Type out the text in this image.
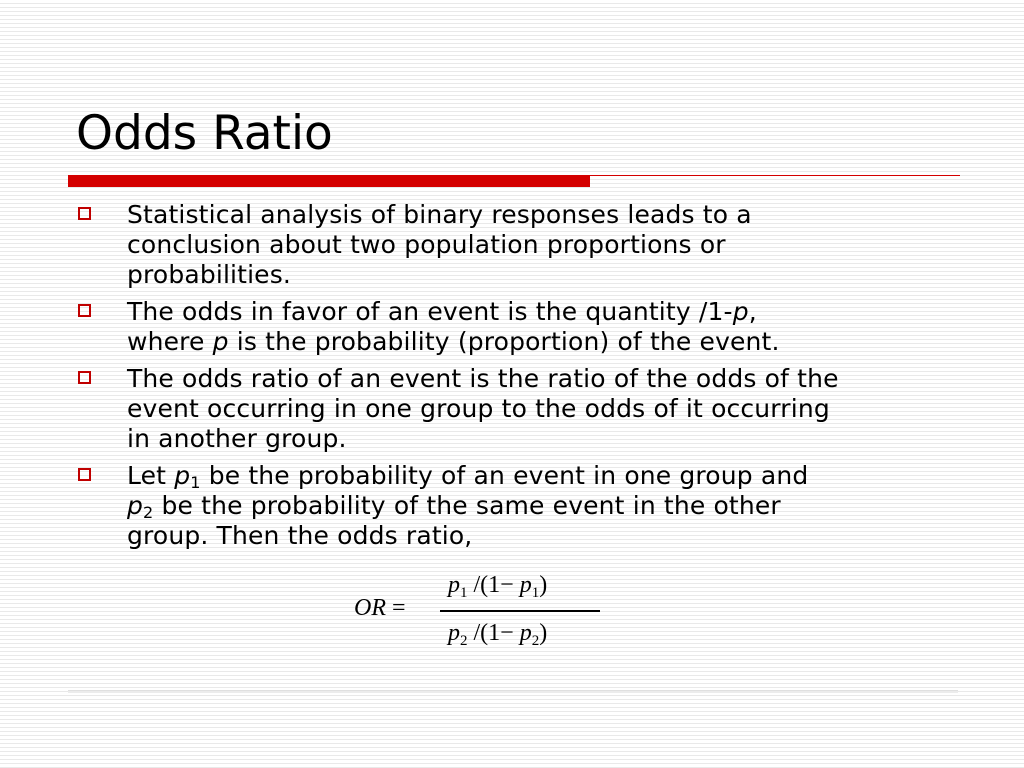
Odds Ratio
Statistical analysis of binary responses leads to a
conclusion about two population proportions or
probabilities.
The odds in favor of an event is the quantity /1-p,
where p is the probability (proportion) of the event.
The odds ratio of an event is the ratio of the odds of the
event occurring in one group to the odds of it occurring
in another group.
Let $p_1$ be the probability of an event in one group and
$p_2$ be the probability of the same event in the other
group. Then the odds ratio,
OR =
$p_1$ $/(1- p_1)$
$p_2$ $/(1- p_2)$
